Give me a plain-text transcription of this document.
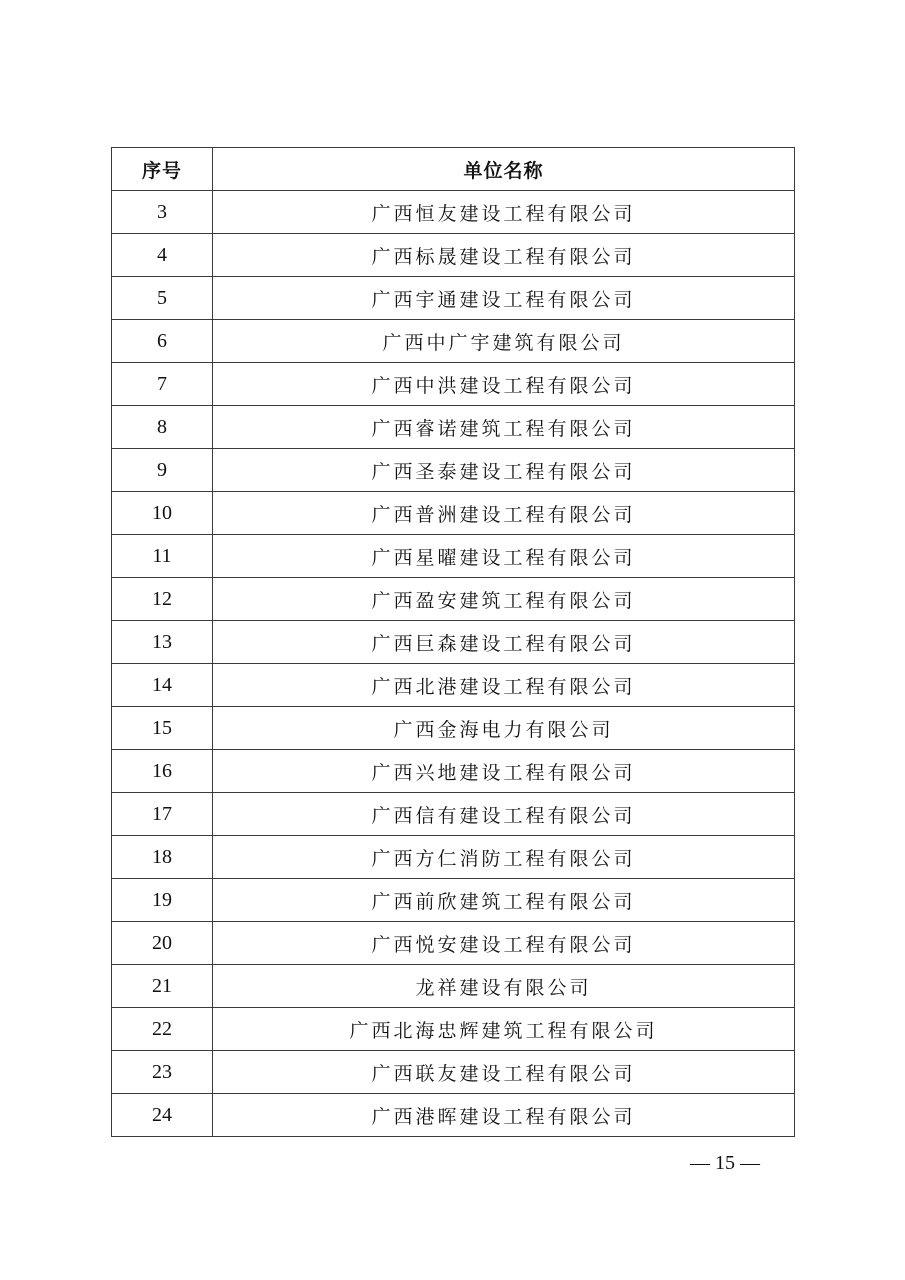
序号	单位名称
3	广西恒友建设工程有限公司
4	广西标晟建设工程有限公司
5	广西宇通建设工程有限公司
6	广西中广宇建筑有限公司
7	广西中洪建设工程有限公司
8	广西睿诺建筑工程有限公司
9	广西圣泰建设工程有限公司
10	广西普洲建设工程有限公司
11	广西星曜建设工程有限公司
12	广西盈安建筑工程有限公司
13	广西巨森建设工程有限公司
14	广西北港建设工程有限公司
15	广西金海电力有限公司
16	广西兴地建设工程有限公司
17	广西信有建设工程有限公司
18	广西方仁消防工程有限公司
19	广西前欣建筑工程有限公司
20	广西悦安建设工程有限公司
21	龙祥建设有限公司
22	广西北海忠辉建筑工程有限公司
23	广西联友建设工程有限公司
24	广西港晖建设工程有限公司
— 15 —
